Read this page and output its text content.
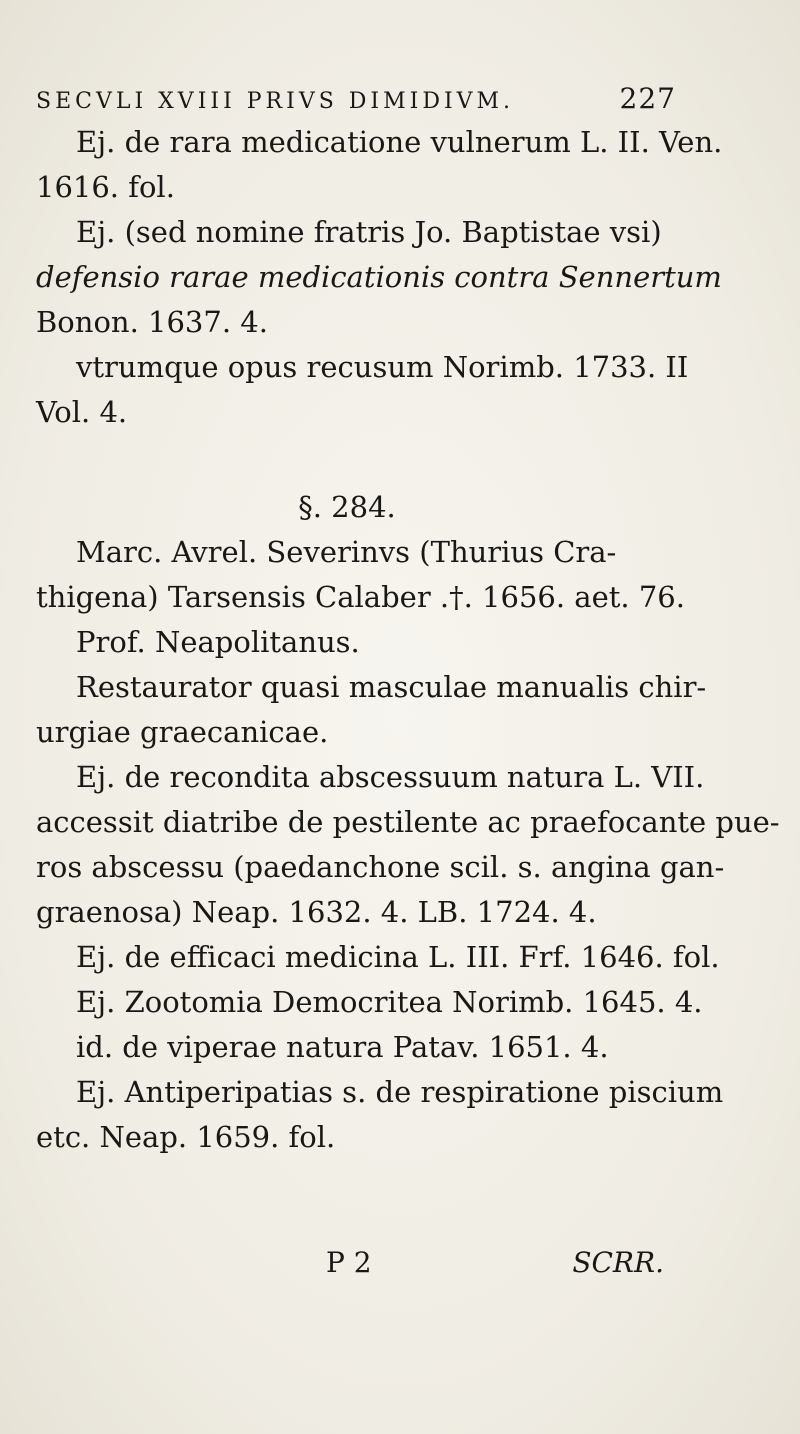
SECVLI XVIII PRIVS DIMIDIVM.	227
Ej. de rara medicatione vulnerum L. II. Ven.
1616. fol.
Ej. (sed nomine fratris Jo. Baptistae vsi)
defensio rarae medicationis contra Sennertum
Bonon. 1637. 4.
vtrumque opus recusum Norimb. 1733. II
Vol. 4.
§. 284.
Marc. Avrel. Severinvs (Thurius Cra-
thigena) Tarsensis Calaber .†. 1656. aet. 76.
Prof. Neapolitanus.
Restaurator quasi masculae manualis chir-
urgiae graecanicae.
Ej. de recondita abscessuum natura L. VII.
accessit diatribe de pestilente ac praefocante pue-
ros abscessu (paedanchone scil. s. angina gan-
graenosa) Neap. 1632. 4. LB. 1724. 4.
Ej. de efficaci medicina L. III. Frf. 1646. fol.
Ej. Zootomia Democritea Norimb. 1645. 4.
id. de viperae natura Patav. 1651. 4.
Ej. Antiperipatias s. de respiratione piscium
etc. Neap. 1659. fol.
P 2	SCRR.
